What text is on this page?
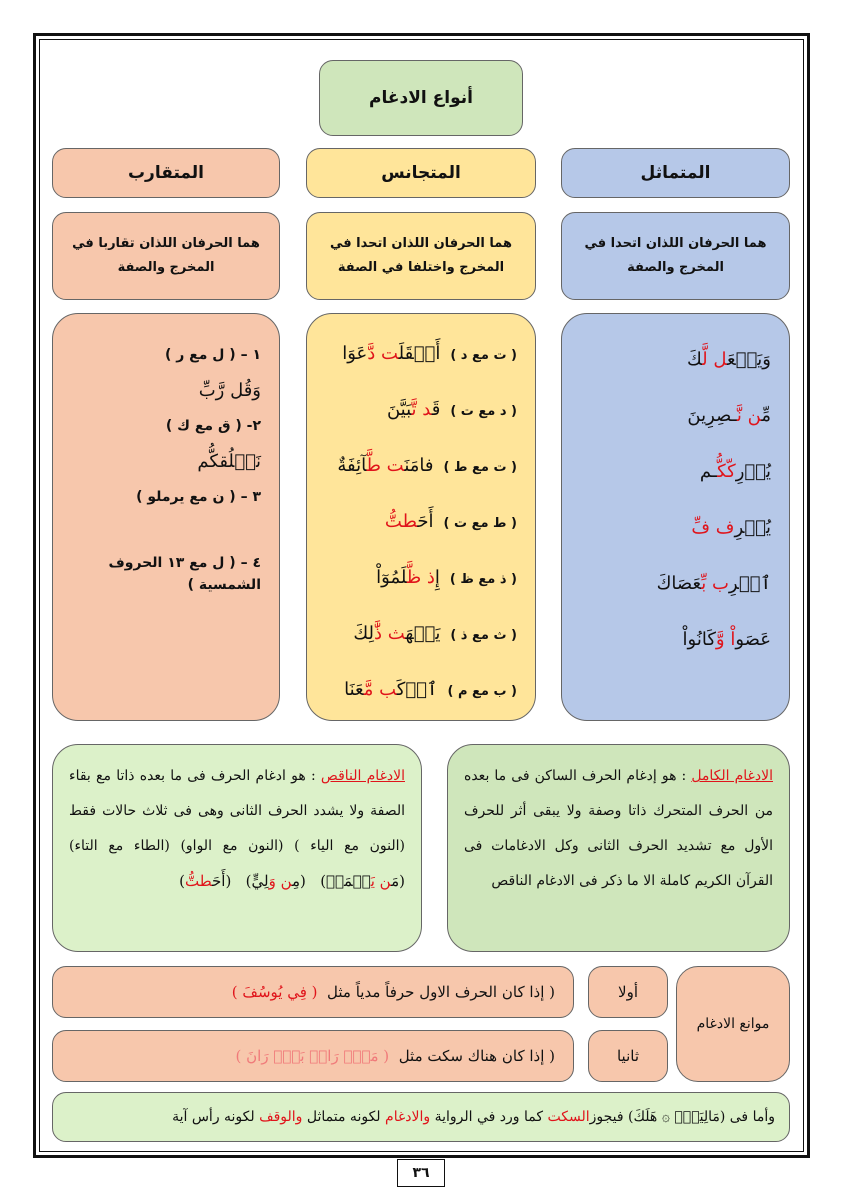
أنواع الادغام
المتماثل
المتجانس
المتقارب
هما الحرفان اللذان اتحدا في المخرج والصفة
هما الحرفان اللذان اتحدا في المخرج واختلفا في الصفة
هما الحرفان اللذان تقاربا في المخرج والصفة
وَيَجۡعَل لَّكَ
مِّن نَّـصِرِينَ
يُدۡرِكّكُّـم
يُسۡرِف فِّ
ٱضۡرِب بِّعَصَاكَ
عَصَواْ وَّكَانُواْ
( ت مع د )أَثۡقَلَت دَّعَوَا
( د مع ت )قَد تَّبَيَّنَ
( ت مع ط )فامَنَت طَّآئِفَةٌ
( ط مع ت )أَحَطتُّ
( ذ مع ظ )إِذ ظَّلَمُوٓاْ
( ث مع ذ )يَلۡهَث ذَّٰلِكَ
( ب مع م )ٱرۡكَب مَّعَنَا
١ – ( ل مع ر )
وَقُل رَّبِّ
٢- ( ق مع ك )
نَخۡلُقكُّم
٣ – ( ن مع يرملو )
٤ – ( ل مع ١٣ الحروف الشمسية )
الادغام الكامل : هو إدغام الحرف الساكن فى ما بعده من الحرف المتحرك ذاتا وصفة ولا يبقى أثر للحرف الأول مع تشديد الحرف الثانى وكل الادغامات فى القرآن الكريم كاملة الا ما ذكر فى الادغام الناقص
الادغام الناقص : هو ادغام الحرف فى ما بعده ذاتا مع بقاء الصفة ولا يشدد الحرف الثانى وهى فى ثلاث حالات فقط (النون مع الياء ) (النون مع الواو) (الطاء مع التاء) (مَن يَعۡمَلۡ)   (مِن وَلِيٍّ)   (أَحَطتُّ)
موانع الادغام
أولا
ثانيا
( إذا كان الحرف الاول حرفاً مدياً مثل

( فِي يُوسُفَ )
( إذا كان هناك سكت مثل

( مَنۡۜ رَاقٖ بَلۡۜ رَانَ )
وأما فى (مَالِيَهۡۜ ۞ هَلَكَ) فيجوزالسكت كما ورد في الرواية والادغام لكونه متماثل والوقف لكونه رأس آية
٣٦
